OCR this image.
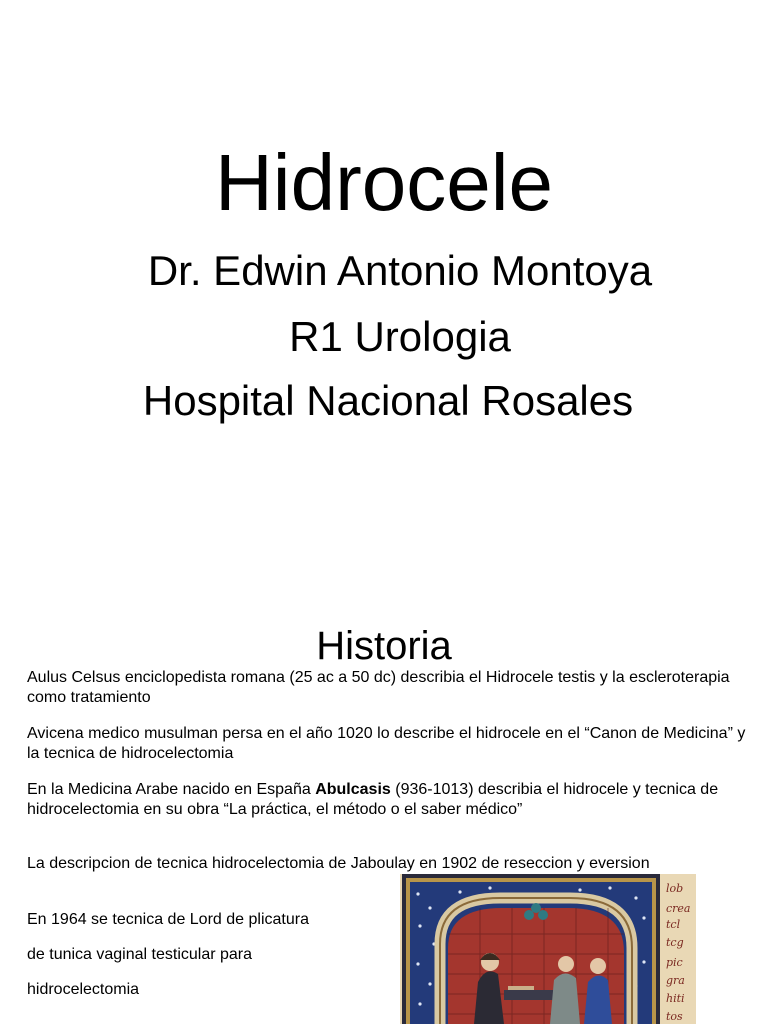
Hidrocele
Dr. Edwin Antonio Montoya
R1 Urologia
Hospital Nacional Rosales
Historia
Aulus Celsus enciclopedista romana (25 ac a 50 dc) describia el Hidrocele testis y la escleroterapia como tratamiento
Avicena medico musulman persa en el año 1020 lo describe el hidrocele en el “Canon de Medicina” y la tecnica de hidrocelectomia
En la Medicina Arabe nacido en España Abulcasis (936-1013) describia el hidrocele y tecnica de hidrocelectomia en su obra “La práctica, el método o el saber médico”
La descripcion de tecnica hidrocelectomia de Jaboulay en 1902 de reseccion y eversion
En 1964 se tecnica de Lord de plicatura
de tunica vaginal testicular para
hidrocelectomia
lob
crea
tcl
tcg
pic
gra
hiti
tos
